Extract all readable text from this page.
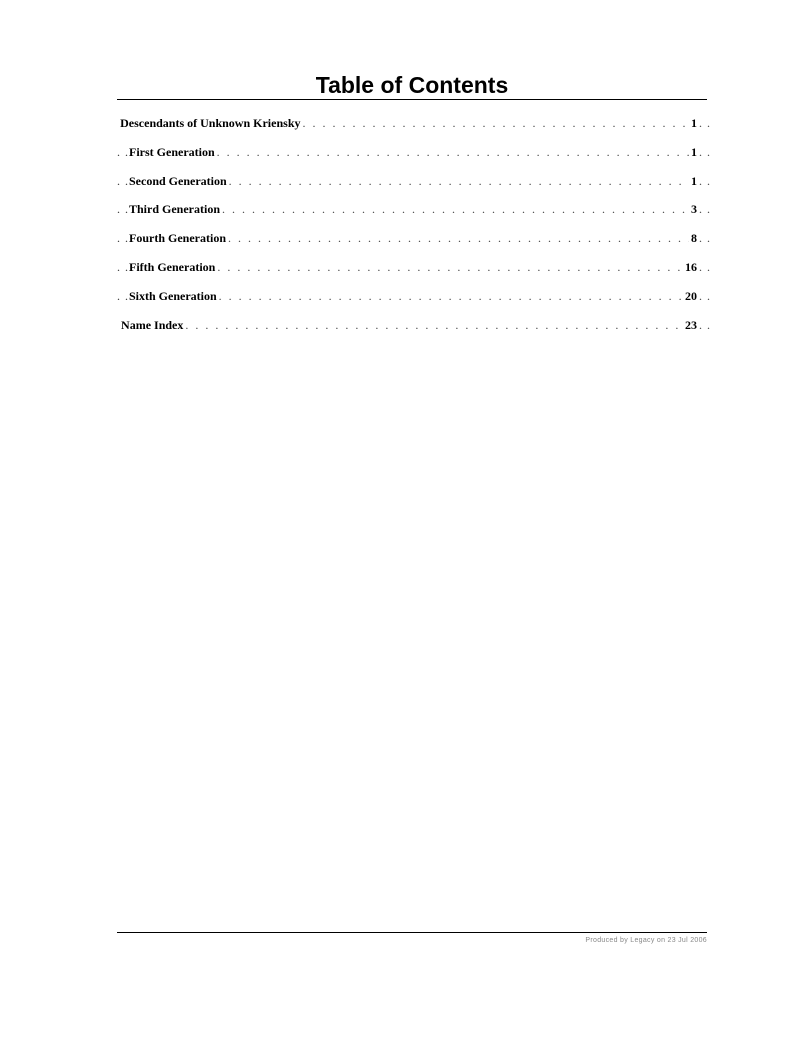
Table of Contents
Descendants of Unknown Kriensky . . .	1 . .
. . First Generation . . .	1 . .
. . Second Generation . . .	1 . .
. . Third Generation . . .	3 . .
. . Fourth Generation . . .	8 . .
. . Fifth Generation . . .	16 . .
. . Sixth Generation . . .	20 . .
Name Index . . .	23 . .
Produced by Legacy on 23 Jul 2006
